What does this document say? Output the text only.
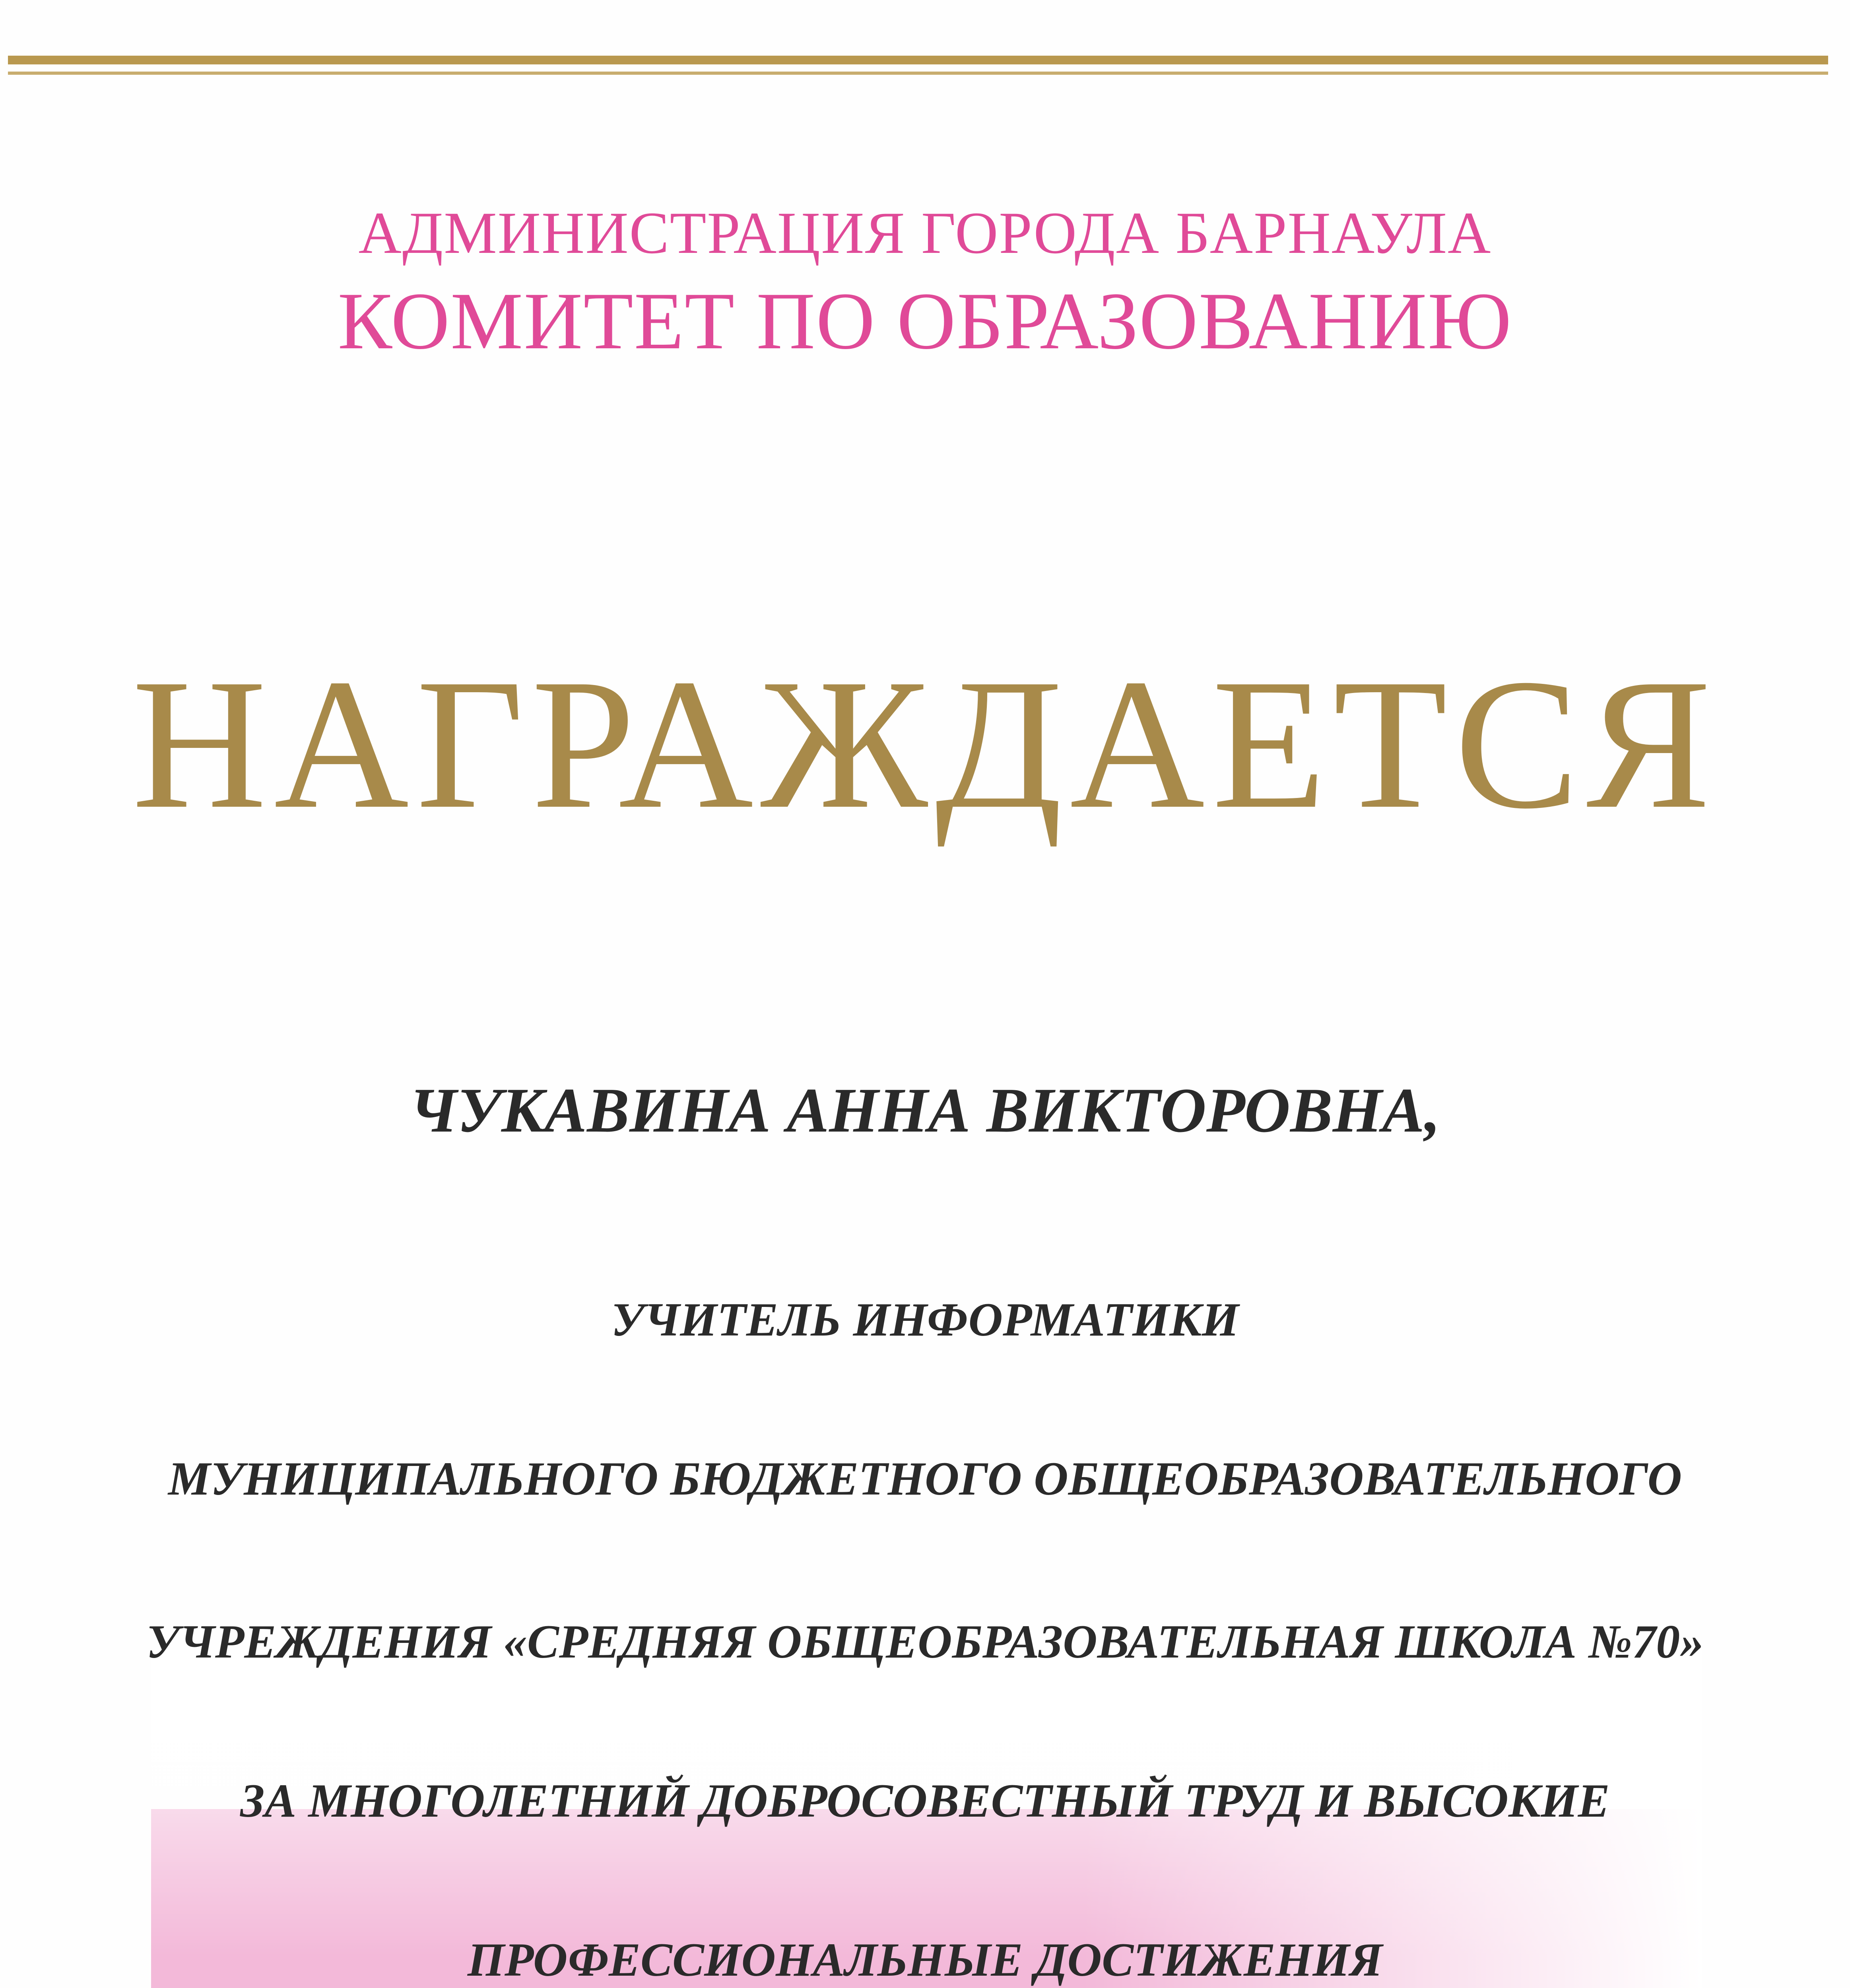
АДМИНИСТРАЦИЯ ГОРОДА БАРНАУЛА
КОМИТЕТ ПО ОБРАЗОВАНИЮ
НАГРАЖДАЕТСЯ
ЧУКАВИНА АННА ВИКТОРОВНА,
УЧИТЕЛЬ ИНФОРМАТИКИ
МУНИЦИПАЛЬНОГО БЮДЖЕТНОГО ОБЩЕОБРАЗОВАТЕЛЬНОГО
УЧРЕЖДЕНИЯ «СРЕДНЯЯ ОБЩЕОБРАЗОВАТЕЛЬНАЯ ШКОЛА №70»
ЗА МНОГОЛЕТНИЙ ДОБРОСОВЕСТНЫЙ ТРУД И ВЫСОКИЕ
ПРОФЕССИОНАЛЬНЫЕ ДОСТИЖЕНИЯ
